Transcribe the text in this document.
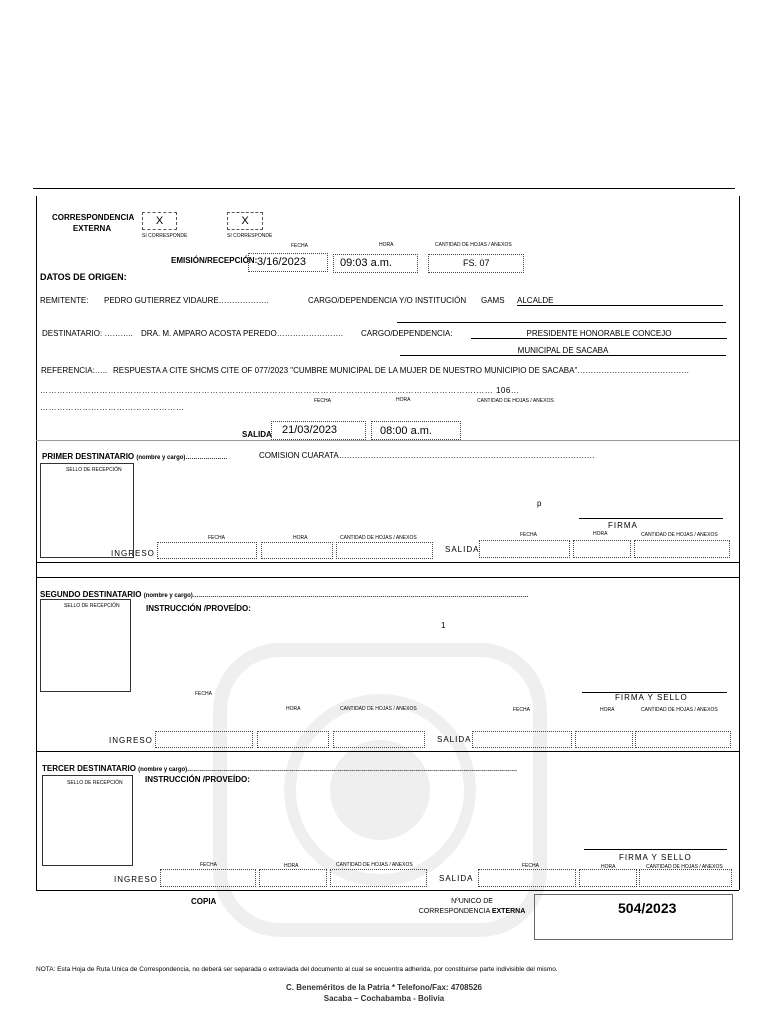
CORRESPONDENCIA EXTERNA
X
SI CORRESPONDE
X
SI CORRESPONDE
FECHA	HORA	CANTIDAD DE HOJAS / ANEXOS
EMISIÓN/RECEPCIÓN: 3/16/2023	09:03 a.m.	FS. 07
DATOS DE ORIGEN:
REMITENTE: PEDRO GUTIERREZ VIDAURE……………….	CARGO/DEPENDENCIA Y/O INSTITUCIÓN GAMS ALCALDE
DESTINATARIO: ……….. DRA. M. AMPARO ACOSTA PEREDO……………………. CARGO/DEPENDENCIA:	PRESIDENTE HONORABLE CONCEJO
MUNICIPAL DE SACABA
REFERENCIA:….. RESPUESTA A CITE SHCMS CITE OF 077/2023 "CUMBRE MUNICIPAL DE LA MUJER DE NUESTRO MUNICIPIO DE SACABA"……………………………………
……………………………………………………………………………………………………………………………………….…… 106…
……………………………………………
FECHA	HORA	CANTIDAD DE HOJAS / ANEXOS
SALIDA 21/03/2023	08:00 a.m.
PRIMER DESTINATARIO (nombre y cargo)…………………	COMISION CUARATA……………………………………………………………………………………
SELLO DE RECEPCIÓN
p
FIRMA
FECHA	HORA	CANTIDAD DE HOJAS / ANEXOS	FECHA	HORA	CANTIDAD DE HOJAS / ANEXOS
INGRESO	SALIDA
SEGUNDO DESTINATARIO (nombre y cargo)……………………………………………………………………………………………………………………………………………………
SELLO DE RECEPCIÓN	INSTRUCCIÓN /PROVEÍDO:
1
FIRMA Y SELLO
FECHA
HORA	CANTIDAD DE HOJAS / ANEXOS	FECHA	HORA	CANTIDAD DE HOJAS / ANEXOS
INGRESO	SALIDA
TERCER DESTINATARIO (nombre y cargo)…………………………………………………………………………………………………………………………………………………
SELLO DE RECEPCIÓN	INSTRUCCIÓN /PROVEÍDO:
FIRMA Y SELLO
FECHA	HORA	CANTIDAD DE HOJAS / ANEXOS	FECHA	HORA	CANTIDAD DE HOJAS / ANEXOS
INGRESO	SALIDA
COPIA	NºUNICO DE
CORRESPONDENCIA EXTERNA	504/2023
NOTA: Esta Hoja de Ruta Única de Correspondencia, no deberá ser separada o extraviada del documento al cual se encuentra adherida, por constituirse parte indivisible del mismo.
C. Beneméritos de la Patria * Telefono/Fax: 4708526
Sacaba – Cochabamba - Bolivia
